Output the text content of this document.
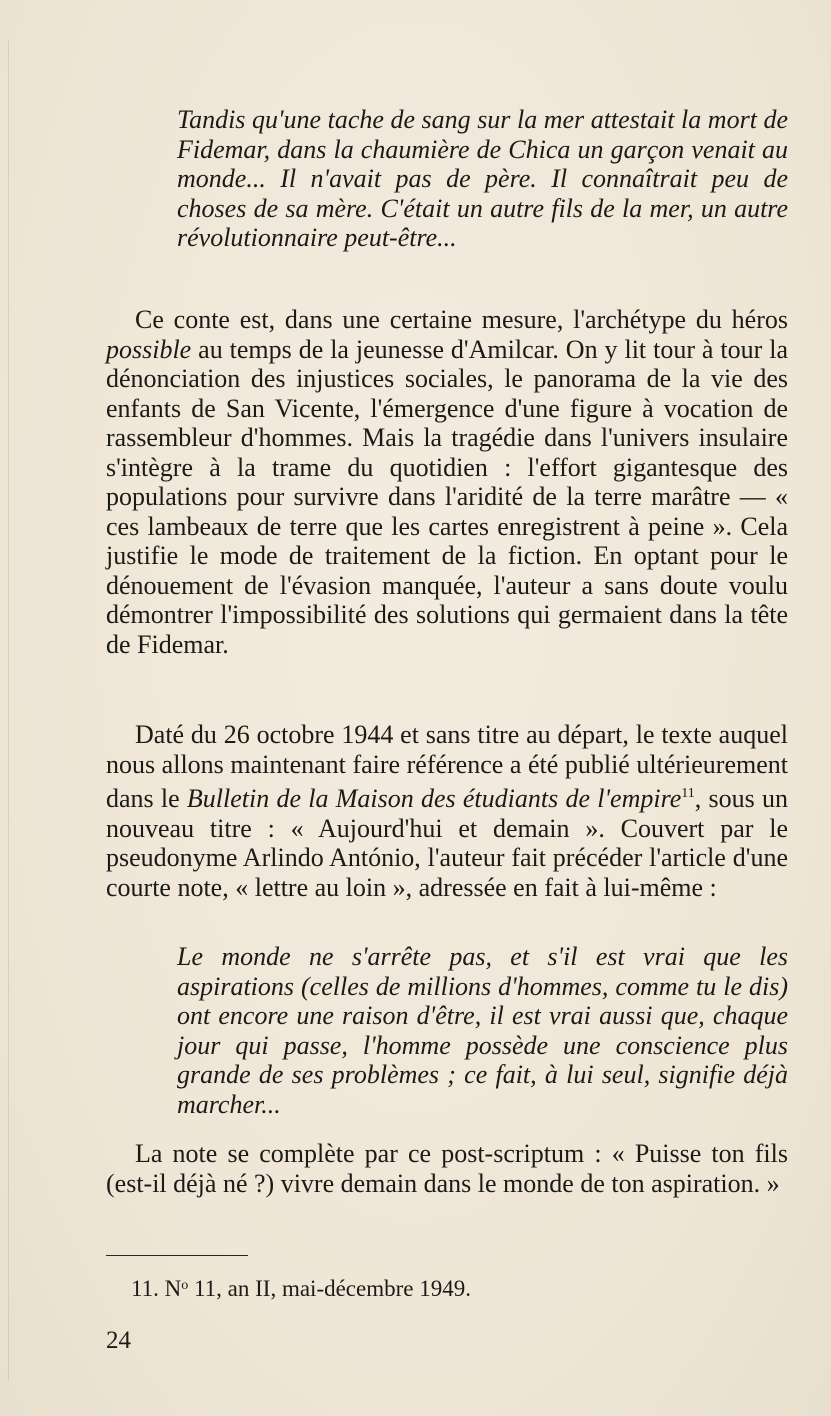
Tandis qu'une tache de sang sur la mer attestait la mort de Fidemar, dans la chaumière de Chica un garçon venait au monde... Il n'avait pas de père. Il connaîtrait peu de choses de sa mère. C'était un autre fils de la mer, un autre révolutionnaire peut-être...
Ce conte est, dans une certaine mesure, l'archétype du héros possible au temps de la jeunesse d'Amilcar. On y lit tour à tour la dénonciation des injustices sociales, le panorama de la vie des enfants de San Vicente, l'émergence d'une figure à vocation de rassembleur d'hommes. Mais la tragédie dans l'univers insulaire s'intègre à la trame du quotidien : l'effort gigantesque des populations pour survivre dans l'aridité de la terre marâtre — « ces lambeaux de terre que les cartes enregistrent à peine ». Cela justifie le mode de traitement de la fiction. En optant pour le dénouement de l'évasion manquée, l'auteur a sans doute voulu démontrer l'impossibilité des solutions qui germaient dans la tête de Fidemar.
Daté du 26 octobre 1944 et sans titre au départ, le texte auquel nous allons maintenant faire référence a été publié ultérieurement dans le Bulletin de la Maison des étudiants de l'empire$^{11}$, sous un nouveau titre : « Aujourd'hui et demain ». Couvert par le pseudonyme Arlindo António, l'auteur fait précéder l'article d'une courte note, « lettre au loin », adressée en fait à lui-même :
Le monde ne s'arrête pas, et s'il est vrai que les aspirations (celles de millions d'hommes, comme tu le dis) ont encore une raison d'être, il est vrai aussi que, chaque jour qui passe, l'homme possède une conscience plus grande de ses problèmes ; ce fait, à lui seul, signifie déjà marcher...
La note se complète par ce post-scriptum : « Puisse ton fils (est-il déjà né ?) vivre demain dans le monde de ton aspiration. »
11. N$^o$ 11, an II, mai-décembre 1949.
24
